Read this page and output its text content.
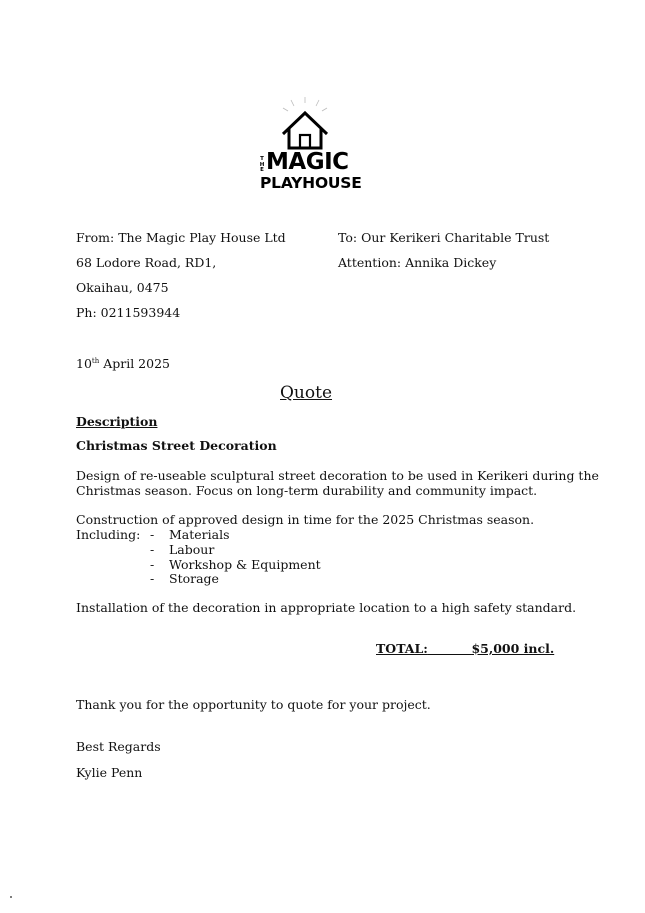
T
H
E MAGIC
PLAYHOUSE
From: The Magic Play House Ltd
68 Lodore Road, RD1,
Okaihau, 0475
Ph: 0211593944
To: Our Kerikeri Charitable Trust
Attention: Annika Dickey
10th April 2025
Quote
Description
Christmas Street Decoration
Design of re-useable sculptural street decoration to be used in Kerikeri during the
Christmas season. Focus on long-term durability and community impact.
Construction of approved design in time for the 2025 Christmas season.
Including: - Materials
- Labour
- Workshop & Equipment
- Storage
Installation of the decoration in appropriate location to a high safety standard.
TOTAL:	$5,000 incl.
Thank you for the opportunity to quote for your project.
Best Regards
Kylie Penn
